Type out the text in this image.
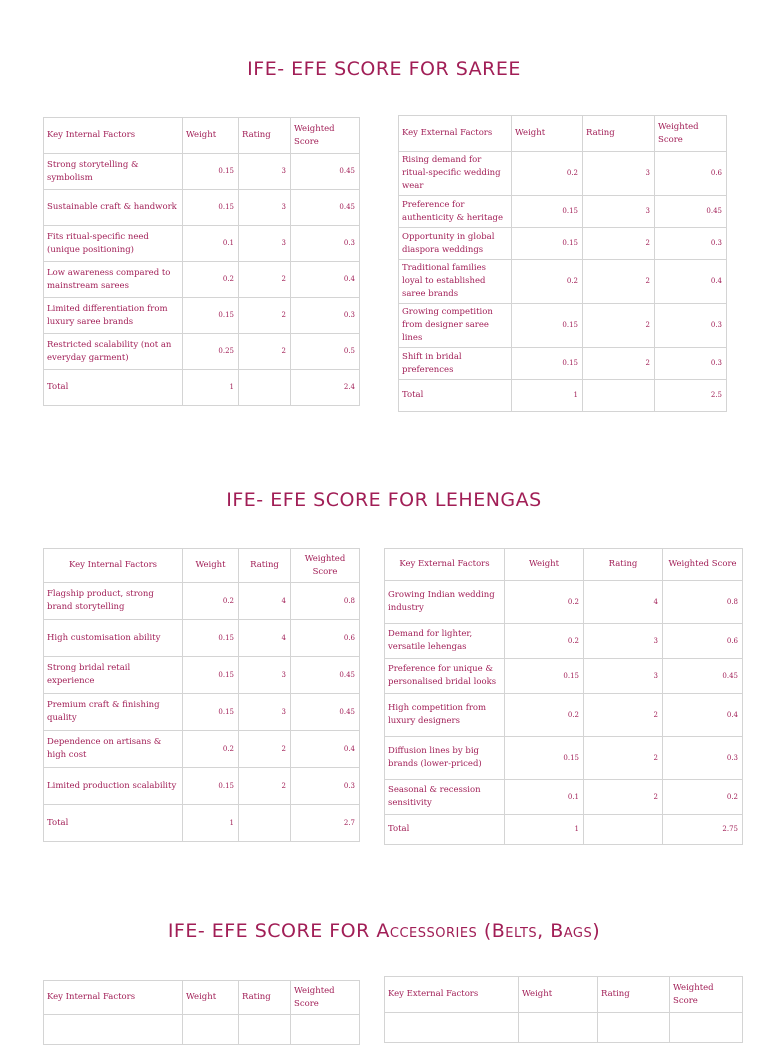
IFE- EFE SCORE FOR SAREE
Key Internal Factors	Weight	Rating	Weighted Score
Strong storytelling & symbolism	0.15	3	0.45
Sustainable craft & handwork	0.15	3	0.45
Fits ritual-specific need (unique positioning)	0.1	3	0.3
Low awareness compared to mainstream sarees	0.2	2	0.4
Limited differentiation from luxury saree brands	0.15	2	0.3
Restricted scalability (not an everyday garment)	0.25	2	0.5
Total	1		2.4
Key External Factors	Weight	Rating	Weighted Score
Rising demand for ritual-specific wedding wear	0.2	3	0.6
Preference for authenticity & heritage	0.15	3	0.45
Opportunity in global diaspora weddings	0.15	2	0.3
Traditional families loyal to established saree brands	0.2	2	0.4
Growing competition from designer saree lines	0.15	2	0.3
Shift in bridal preferences	0.15	2	0.3
Total	1		2.5
IFE- EFE SCORE FOR LEHENGAS
Key Internal Factors	Weight	Rating	Weighted Score
Flagship product, strong brand storytelling	0.2	4	0.8
High customisation ability	0.15	4	0.6
Strong bridal retail experience	0.15	3	0.45
Premium craft & finishing quality	0.15	3	0.45
Dependence on artisans & high cost	0.2	2	0.4
Limited production scalability	0.15	2	0.3
Total	1		2.7
Key External Factors	Weight	Rating	Weighted Score
Growing Indian wedding industry	0.2	4	0.8
Demand for lighter, versatile lehengas	0.2	3	0.6
Preference for unique & personalised bridal looks	0.15	3	0.45
High competition from luxury designers	0.2	2	0.4
Diffusion lines by big brands (lower-priced)	0.15	2	0.3
Seasonal & recession sensitivity	0.1	2	0.2
Total	1		2.75
IFE- EFE SCORE FOR Accessories (Belts, Bags)
Key Internal Factors	Weight	Rating	Weighted Score

Key External Factors	Weight	Rating	Weighted Score
